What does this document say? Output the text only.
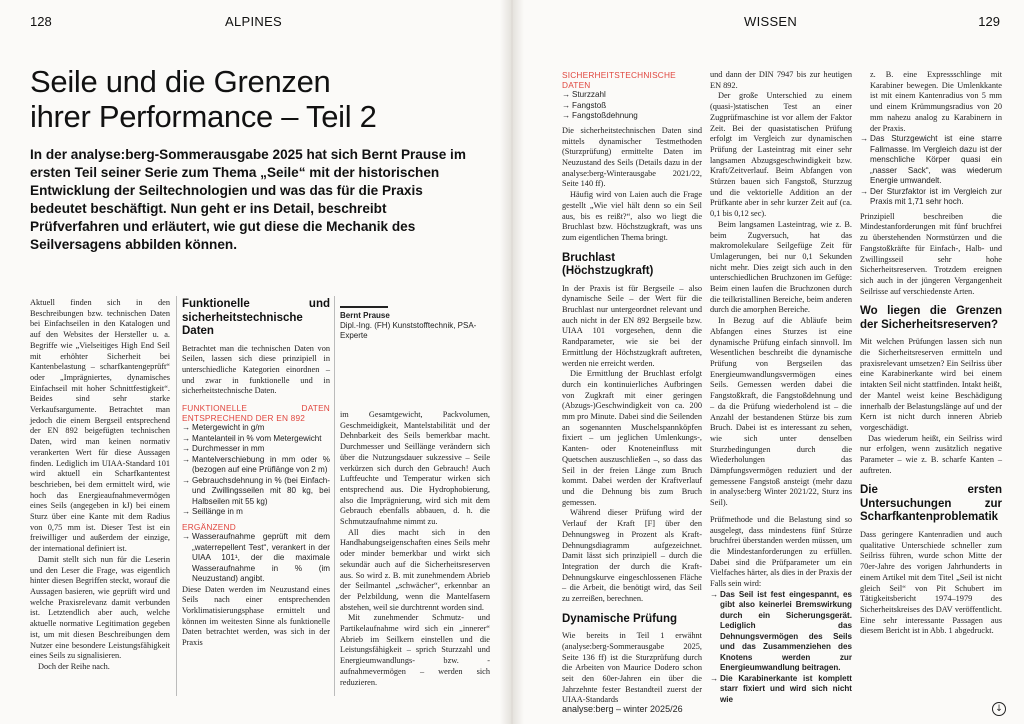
128	ALPINES
Seile und die Grenzen
ihrer Performance – Teil 2
In der analyse:berg-Sommerausgabe 2025 hat sich Bernt Prause im ersten Teil seiner Serie zum Thema „Seile“ mit der historischen Entwicklung der Seiltechnologien und was das für die Praxis bedeutet beschäftigt. Nun geht er ins Detail, beschreibt Prüfverfahren und erläutert, wie gut diese die Mechanik des Seilversagens abbilden können.

Aktuell finden sich in den Beschreibungen bzw. technischen Daten bei Einfachseilen in den Katalogen und auf den Websites der Hersteller u. a. Begriffe wie „Vielseitiges High End Seil mit erhöhter Sicherheit bei Kantenbelastung – scharfkantengeprüft“ oder „Imprägniertes, dynamisches Einfachseil mit hoher Schnittfestigkeit“. Beides sind sehr starke Verkaufsargumente. Betrachtet man jedoch die einem Bergseil entsprechend der EN 892 beigefügten technischen Daten, wird man keinen normativ verankerten Wert für diese Aussagen finden. Lediglich im UIAA-Standard 101 wird aktuell ein Scharfkantentest beschrieben, bei dem ermittelt wird, wie hoch das Energieaufnahmevermögen eines Seils (angegeben in kJ) bei einem Sturz über eine Kante mit dem Radius von 0,75 mm ist. Dieser Test ist ein freiwilliger und außerdem der einzige, der international definiert ist.

Damit stellt sich nun für die Leserin und den Leser die Frage, was eigentlich hinter diesen Begriffen steckt, worauf die Aussagen basieren, wie geprüft wird und welche Praxisrelevanz damit verbunden ist. Letztendlich aber auch, welche aktuelle normative Legitimation gegeben ist, um mit diesen Beschreibungen dem Nutzer eine besondere Leistungsfähigkeit eines Seils zu signalisieren.

Doch der Reihe nach.

Funktionelle und sicherheitstechnische Daten

Betrachtet man die technischen Daten von Seilen, lassen sich diese prinzipiell in unterschiedliche Kategorien einordnen – und zwar in funktionelle und in sicherheitstechnische Daten.

FUNKTIONELLE DATEN ENTSPRECHEND DER EN 892
→ Metergewicht in g/m
→ Mantelanteil in % vom Metergewicht
→ Durchmesser in mm
→ Mantelverschiebung in mm oder % (bezogen auf eine Prüflänge von 2 m)
→ Gebrauchsdehnung in % (bei Einfach- und Zwillingsseilen mit 80 kg, bei Halbseilen mit 55 kg)
→ Seillänge in m
ERGÄNZEND
→ Wasseraufnahme geprüft mit dem „waterrepellent Test“, verankert in der UIAA 101¹, der die maximale Wasseraufnahme in % (im Neuzustand) angibt.

Diese Daten werden im Neuzustand eines Seils nach einer entsprechenden Vorklimatisierungsphase ermittelt und können im weitesten Sinne als funktionelle Daten betrachtet werden, was sich in der Praxis

Bernt Prause
Dipl.-Ing. (FH) Kunststofftechnik, PSA-Experte

im Gesamtgewicht, Packvolumen, Geschmeidigkeit, Mantelstabilität und der Dehnbarkeit des Seils bemerkbar macht. Durchmesser und Seillänge verändern sich über die Nutzungsdauer sukzessive – Seile verkürzen sich durch den Gebrauch! Auch Luftfeuchte und Temperatur wirken sich entsprechend aus. Die Hydrophobierung, also die Imprägnierung, wird sich mit dem Gebrauch ebenfalls abbauen, d. h. die Schmutzaufnahme nimmt zu.

All dies macht sich in den Handhabungseigenschaften eines Seils mehr oder minder bemerkbar und wirkt sich sekundär auch auf die Sicherheitsreserven aus. So wird z. B. mit zunehmendem Abrieb der Seilmantel „schwächer“, erkennbar an der Pelzbildung, wenn die Mantelfasern abstehen, weil sie durchtrennt worden sind.

Mit zunehmender Schmutz- und Partikelaufnahme wird sich ein „innerer“ Abrieb im Seilkern einstellen und die Leistungsfähigkeit – sprich Sturzzahl und Energieumwandlungs- bzw. -aufnahmevermögen – werden sich reduzieren.

WISSEN	129
SICHERHEITSTECHNISCHE DATEN
→ Sturzzahl
→ Fangstoß
→ Fangstoßdehnung

Die sicherheitstechnischen Daten sind mittels dynamischer Testmethoden (Sturzprüfung) ermittelte Daten im Neuzustand des Seils (Details dazu in der analyse:berg-Winterausgabe 2021/22, Seite 140 ff).

Häufig wird von Laien auch die Frage gestellt „Wie viel hält denn so ein Seil aus, bis es reißt?“, also wo liegt die Bruchlast bzw. Höchstzugkraft, was uns zum eigentlichen Thema bringt.

Bruchlast (Höchstzugkraft)

In der Praxis ist für Bergseile – also dynamische Seile – der Wert für die Bruchlast nur untergeordnet relevant und auch nicht in der EN 892 Bergseile bzw. UIAA 101 vorgesehen, denn die Randparameter, wie sie bei der Ermittlung der Höchstzugkraft auftreten, werden nie erreicht werden.

Die Ermittlung der Bruchlast erfolgt durch ein kontinuierliches Aufbringen von Zugkraft mit einer geringen (Abzugs-)Geschwindigkeit von ca. 200 mm pro Minute. Dabei sind die Seilenden an sogenannten Muschelspannköpfen fixiert – um jeglichen Umlenkungs-, Kanten- oder Knoteneinfluss mit Quetschen auszuschließen –, so dass das Seil in der freien Länge zum Bruch kommt. Dabei werden der Kraftverlauf und die Dehnung bis zum Bruch gemessen.

Während dieser Prüfung wird der Verlauf der Kraft [F] über den Dehnungsweg in Prozent als Kraft-Dehnungsdiagramm aufgezeichnet. Damit lässt sich prinzipiell – durch die Integration der durch die Kraft-Dehnungskurve eingeschlossenen Fläche – die Arbeit, die benötigt wird, das Seil zu zerreißen, berechnen.

Dynamische Prüfung

Wie bereits in Teil 1 erwähnt (analyse:berg-Sommerausgabe 2025, Seite 136 ff) ist die Sturzprüfung durch die Arbeiten von Maurice Dodero schon seit den 60er-Jahren ein über die Jahrzehnte fester Bestandteil zuerst der UIAA-Standards

und dann der DIN 7947 bis zur heutigen EN 892.

Der große Unterschied zu einem (quasi-)statischen Test an einer Zugprüfmaschine ist vor allem der Faktor Zeit. Bei der quasistatischen Prüfung erfolgt im Vergleich zur dynamischen Prüfung der Lasteintrag mit einer sehr langsamen Abzugsgeschwindigkeit bzw. Kraft/Zeitverlauf. Beim Abfangen von Stürzen bauen sich Fangstoß, Sturzzug und die vektorielle Addition an der Prüfkante aber in sehr kurzer Zeit auf (ca. 0,1 bis 0,12 sec).

Beim langsamen Lasteintrag, wie z. B. beim Zugversuch, hat das makromolekulare Seilgefüge Zeit für Umlagerungen, bei nur 0,1 Sekunden nicht mehr. Dies zeigt sich auch in den unterschiedlichen Bruchzonen im Gefüge: Beim einen laufen die Bruchzonen durch die teilkristallinen Bereiche, beim anderen durch die amorphen Bereiche.

In Bezug auf die Abläufe beim Abfangen eines Sturzes ist eine dynamische Prüfung einfach sinnvoll. Im Wesentlichen beschreibt die dynamische Prüfung von Bergseilen das Energieumwandlungsvermögen eines Seils. Gemessen werden dabei die Fangstoßkraft, die Fangstoßdehnung und – da die Prüfung wiederholend ist – die Anzahl der bestandenen Stürze bis zum Bruch. Dabei ist es interessant zu sehen, wie sich unter denselben Sturzbedingungen durch die Wiederholungen das Dämpfungsvermögen reduziert und der gemessene Fangstoß ansteigt (mehr dazu in analyse:berg Winter 2021/22, Sturz ins Seil).

Prüfmethode und die Belastung sind so ausgelegt, dass mindestens fünf Stürze bruchfrei überstanden werden müssen, um die Mindestanforderungen zu erfüllen. Dabei sind die Prüfparameter um ein Vielfaches härter, als dies in der Praxis der Falls sein wird:

→ Das Seil ist fest eingespannt, es gibt also keinerlei Bremswirkung durch ein Sicherungsgerät. Lediglich das Dehnungsvermögen des Seils und das Zusammenziehen des Knotens werden zur Energieumwandlung beitragen.
→ Die Karabinerkante ist komplett starr fixiert und wird sich nicht wie

z. B. eine Expressschlinge mit Karabiner bewegen. Die Umlenkkante ist mit einem Kantenradius von 5 mm und einem Krümmungsradius von 20 mm nahezu analog zu Karabinern in der Praxis.

→ Das Sturzgewicht ist eine starre Fallmasse. Im Vergleich dazu ist der menschliche Körper quasi ein „nasser Sack“, was wiederum Energie umwandelt.
→ Der Sturzfaktor ist im Vergleich zur Praxis mit 1,71 sehr hoch.

Prinzipiell beschreiben die Mindestanforderungen mit fünf bruchfrei zu überstehenden Normstürzen und die Fangstoßkräfte für Einfach-, Halb- und Zwillingsseil sehr hohe Sicherheitsreserven. Trotzdem ereignen sich auch in der jüngeren Vergangenheit Seilrisse auf verschiedenste Arten.

Wo liegen die Grenzen der Sicherheitsreserven?

Mit welchen Prüfungen lassen sich nun die Sicherheitsreserven ermitteln und praxisrelevant umsetzen? Ein Seilriss über eine Karabinerkante wird bei einem intakten Seil nicht stattfinden. Intakt heißt, der Mantel weist keine Beschädigung innerhalb der Belastungslänge auf und der Kern ist nicht durch inneren Abrieb vorgeschädigt.

Das wiederum heißt, ein Seilriss wird nur erfolgen, wenn zusätzlich negative Parameter – wie z. B. scharfe Kanten – auftreten.

Die ersten Untersuchungen zur Scharfkantenproblematik

Dass geringere Kantenradien und auch qualitative Unterschiede schneller zum Seilriss führen, wurde schon Mitte der 70er-Jahre des vorigen Jahrhunderts in einem Artikel mit dem Titel „Seil ist nicht gleich Seil“ von Pit Schubert im Tätigkeitsbericht 1974–1979 des Sicherheitskreises des DAV veröffentlicht. Eine sehr interessante Passagen aus diesem Bericht ist in Abb. 1 abgedruckt.

analyse:berg – winter 2025/26	↓
